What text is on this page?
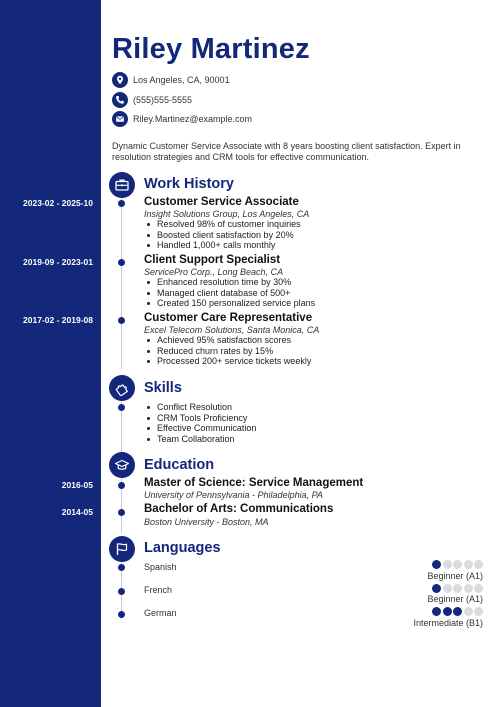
Riley Martinez
Los Angeles, CA, 90001
(555)555-5555
Riley.Martinez@example.com
Dynamic Customer Service Associate with 8 years boosting client satisfaction. Expert in resolution strategies and CRM tools for effective communication.
Work History
2023-02 - 2025-10	Customer Service Associate
Insight Solutions Group, Los Angeles, CA
Resolved 98% of customer inquiries
Boosted client satisfaction by 20%
Handled 1,000+ calls monthly
2019-09 - 2023-01	Client Support Specialist
ServicePro Corp., Long Beach, CA
Enhanced resolution time by 30%
Managed client database of 500+
Created 150 personalized service plans
2017-02 - 2019-08	Customer Care Representative
Excel Telecom Solutions, Santa Monica, CA
Achieved 95% satisfaction scores
Reduced churn rates by 15%
Processed 200+ service tickets weekly
Skills
Conflict Resolution
CRM Tools Proficiency
Effective Communication
Team Collaboration
Education
2016-05	Master of Science: Service Management
University of Pennsylvania - Philadelphia, PA
2014-05	Bachelor of Arts: Communications
Boston University - Boston, MA
Languages
Spanish
Beginner (A1)
French
Beginner (A1)
German
Intermediate (B1)
